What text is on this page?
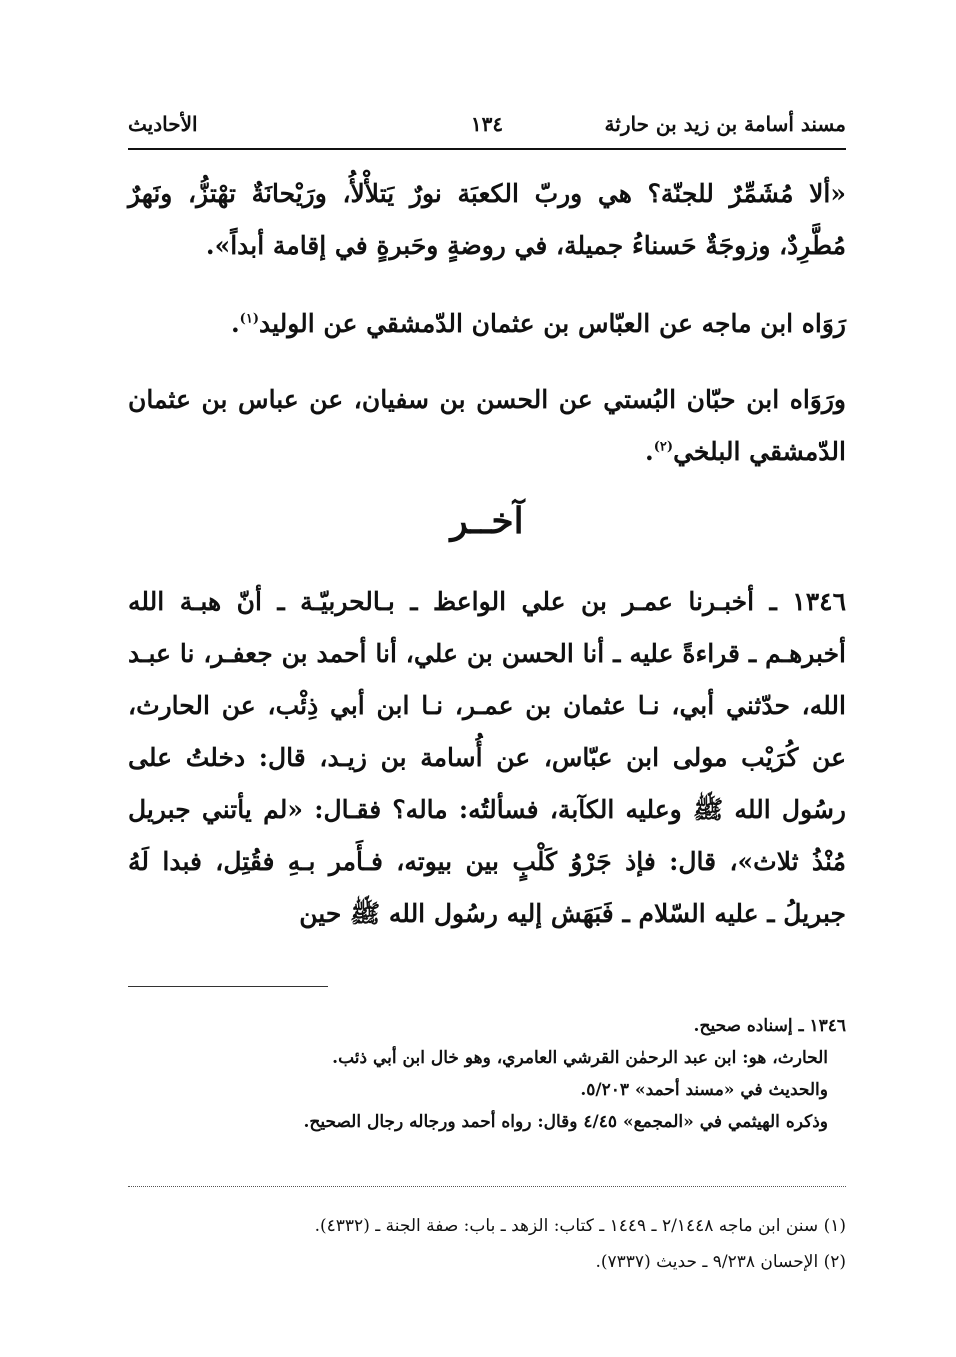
مسند أسامة بن زيد بن حارثة
١٣٤
الأحاديث
«ألا مُشَمِّرٌ للجنّة؟ هي وربّ الكعبَة نورٌ يَتلأْلأُ، ورَيْحانَةٌ تهْتزُّ، ونَهرٌ مُطَّرِدٌ، وزوجَةٌ حَسناءُ جميلة، في روضةٍ وحَبرةٍ في إقامة أبداً».
رَوَاه ابن ماجه عن العبّاس بن عثمان الدّمشقي عن الوليد$^{(١)}$.
ورَوَاه ابن حبّان البُستي عن الحسن بن سفيان، عن عباس بن عثمان الدّمشقي البلخي$^{(٢)}$.
آخــر
١٣٤٦ ـ أخبـرنا عمـر بن علي الواعظ ـ بـالحربيّـة ـ أنّ هبـة الله أخبرهـم ـ قراءةً عليه ـ أنا الحسن بن علي، أنا أحمد بن جعفـر، نا عبـد الله، حدّثني أبي، نـا عثمان بن عمـر، نـا ابن أبي ذِئْب، عن الحارث، عن كُرَيْب مولى ابن عبّاس، عن أُسامة بن زيـد، قال: دخلتُ على رسُول الله ﷺ وعليه الكآبة، فسألتُه: ماله؟ فقـال: «لم يأتني جبريل مُنْذُ ثلاث»، قال: فإذ جَرْوُ كَلْبٍ بين بيوته، فـأَمر بـهِ فقُتِل، فبدا لَهُ جبريلُ ـ عليه السّلام ـ فَبَهَش إليه رسُول الله ﷺ حين
١٣٤٦ ـ إسناده صحيح.
الحارث، هو: ابن عبد الرحمٰن القرشي العامري، وهو خال ابن أبي ذئب.
والحديث في «مسند أحمد» ٥/٢٠٣.
وذكره الهيثمي في «المجمع» ٤/٤٥ وقال: رواه أحمد ورجاله رجال الصحيح.
(١) سنن ابن ماجه ٢/١٤٤٨ ـ ١٤٤٩ ـ كتاب: الزهد ـ باب: صفة الجنة ـ (٤٣٣٢).
(٢) الإحسان ٩/٢٣٨ ـ حديث (٧٣٣٧).
